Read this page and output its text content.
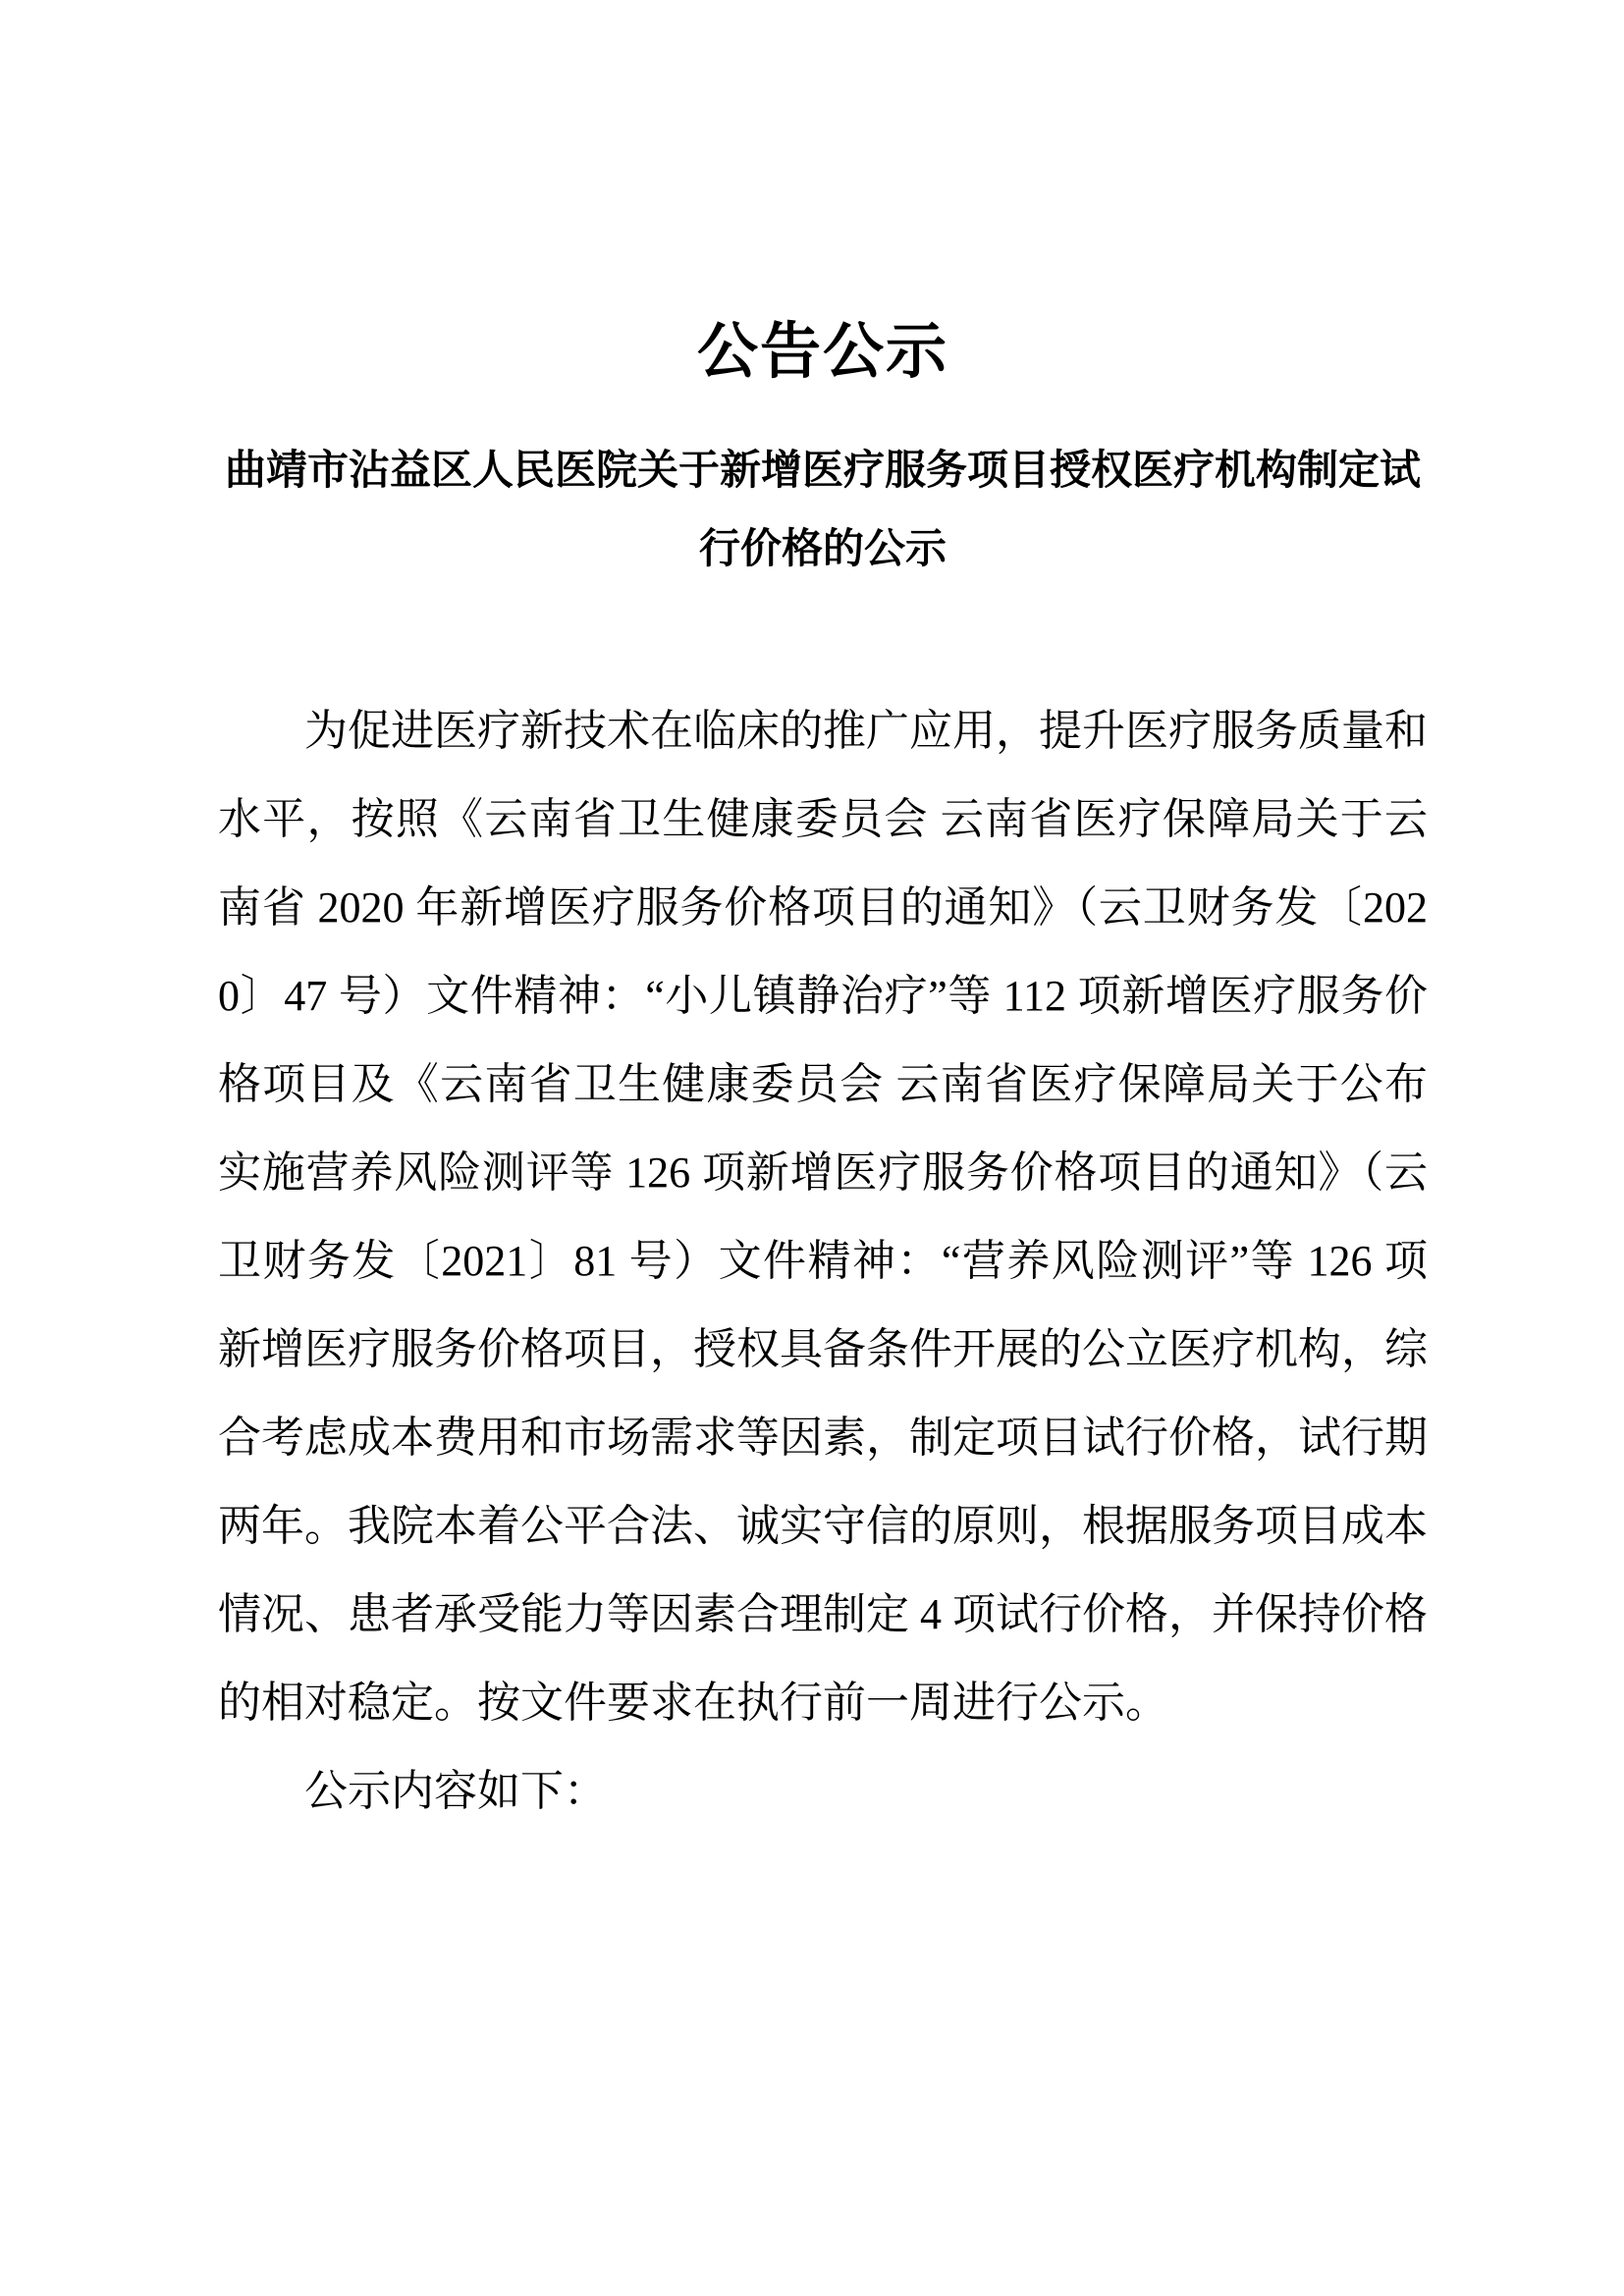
公告公示
曲靖市沾益区人民医院关于新增医疗服务项目授权医疗机构制定试行价格的公示

为促进医疗新技术在临床的推广应用，提升医疗服务质量和水平，按照《云南省卫生健康委员会 云南省医疗保障局关于云南省 2020 年新增医疗服务价格项目的通知》（云卫财务发〔2020〕47 号）文件精神：“小儿镇静治疗”等 112 项新增医疗服务价格项目及《云南省卫生健康委员会 云南省医疗保障局关于公布实施营养风险测评等 126 项新增医疗服务价格项目的通知》（云卫财务发〔2021〕81 号）文件精神：“营养风险测评”等 126 项新增医疗服务价格项目，授权具备条件开展的公立医疗机构，综合考虑成本费用和市场需求等因素，制定项目试行价格，试行期两年。我院本着公平合法、诚实守信的原则，根据服务项目成本情况、患者承受能力等因素合理制定 4 项试行价格，并保持价格的相对稳定。按文件要求在执行前一周进行公示。

公示内容如下：
